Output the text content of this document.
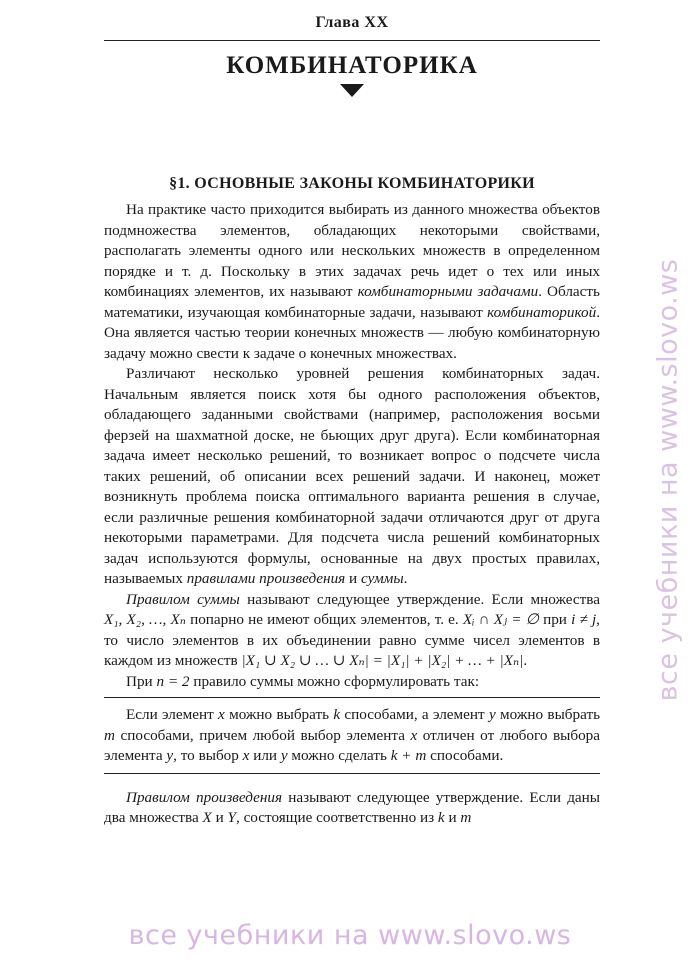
Глава XX
КОМБИНАТОРИКА
§1. ОСНОВНЫЕ ЗАКОНЫ КОМБИНАТОРИКИ

На практике часто приходится выбирать из данного множества объектов подмножества элементов, обладающих некоторыми свойствами, располагать элементы одного или нескольких множеств в определенном порядке и т. д. Поскольку в этих задачах речь идет о тех или иных комбинациях элементов, их называют комбинаторными задачами. Область математики, изучающая комбинаторные задачи, называют комбинаторикой. Она является частью теории конечных множеств — любую комбинаторную задачу можно свести к задаче о конечных множествах.

Различают несколько уровней решения комбинаторных задач. Начальным является поиск хотя бы одного расположения объектов, обладающего заданными свойствами (например, расположения восьми ферзей на шахматной доске, не бьющих друг друга). Если комбинаторная задача имеет несколько решений, то возникает вопрос о подсчете числа таких решений, об описании всех решений задачи. И наконец, может возникнуть проблема поиска оптимального варианта решения в случае, если различные решения комбинаторной задачи отличаются друг от друга некоторыми параметрами. Для подсчета числа решений комбинаторных задач используются формулы, основанные на двух простых правилах, называемых правилами произведения и суммы.

Правилом суммы называют следующее утверждение. Если множества X₁, X₂, …, Xₙ попарно не имеют общих элементов, т. е. Xᵢ ∩ Xⱼ = ∅ при i ≠ j, то число элементов в их объединении равно сумме чисел элементов в каждом из множеств |X₁ ∪ X₂ ∪ … ∪ Xₙ| = |X₁| + |X₂| + … + |Xₙ|.

При n = 2 правило суммы можно сформулировать так:

Если элемент x можно выбрать k способами, а элемент y можно выбрать m способами, причем любой выбор элемента x отличен от любого выбора элемента y, то выбор x или y можно сделать k + m способами.

Правилом произведения называют следующее утверждение. Если даны два множества X и Y, состоящие соответственно из k и m

все учебники на www.slovo.ws
все учебники на www.slovo.ws
